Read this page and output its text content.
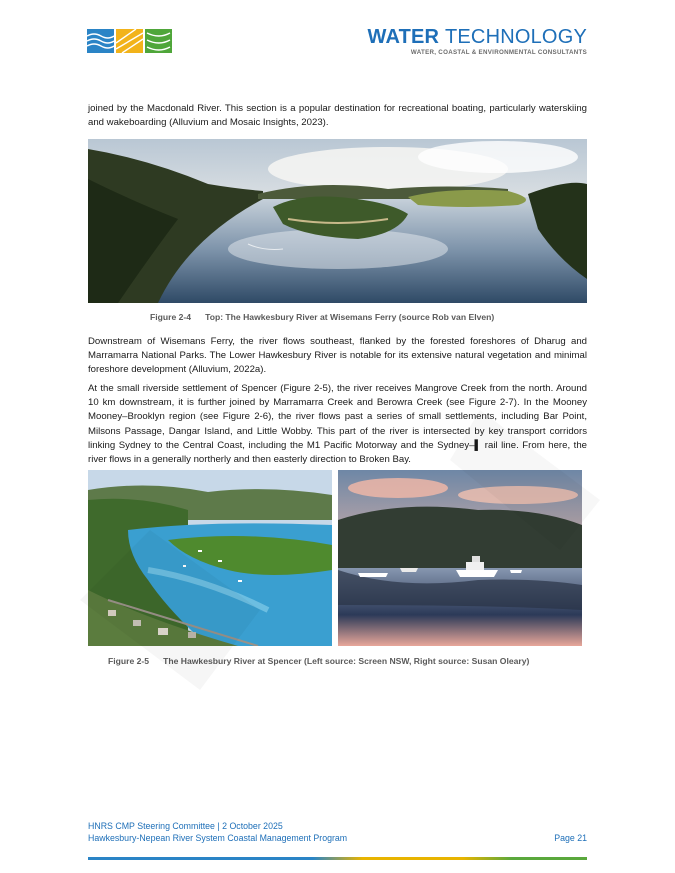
WATER TECHNOLOGY
WATER, COASTAL & ENVIRONMENTAL CONSULTANTS
joined by the Macdonald River. This section is a popular destination for recreational boating, particularly waterskiing and wakeboarding (Alluvium and Mosaic Insights, 2023).
Figure 2-4 Top: The Hawkesbury River at Wisemans Ferry (source Rob van Elven)
Downstream of Wisemans Ferry, the river flows southeast, flanked by the forested foreshores of Dharug and Marramarra National Parks. The Lower Hawkesbury River is notable for its extensive natural vegetation and minimal foreshore development (Alluvium, 2022a).
At the small riverside settlement of Spencer (Figure 2-5), the river receives Mangrove Creek from the north. Around 10 km downstream, it is further joined by Marramarra Creek and Berowra Creek (see Figure 2-7). In the Mooney Mooney–Brooklyn region (see Figure 2-6), the river flows past a series of small settlements, including Bar Point, Milsons Passage, Dangar Island, and Little Wobby. This part of the river is intersected by key transport corridors linking Sydney to the Central Coast, including the M1 Pacific Motorway and the Sydney–▌ rail line. From here, the river flows in a generally northerly and then easterly direction to Broken Bay.
Figure 2-5 The Hawkesbury River at Spencer (Left source: Screen NSW, Right source: Susan Oleary)
HNRS CMP Steering Committee | 2 October 2025
Hawkesbury-Nepean River System Coastal Management Program	Page 21
